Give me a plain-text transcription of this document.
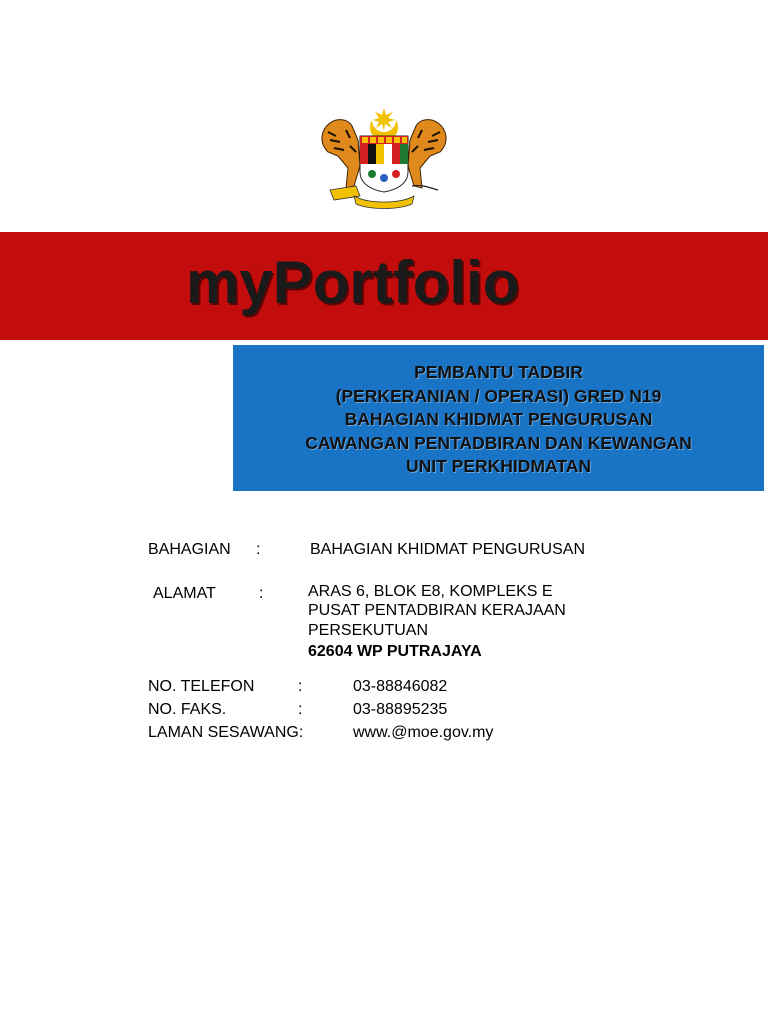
myPortfolio
PEMBANTU TADBIR
(PERKERANIAN / OPERASI) GRED N19
BAHAGIAN KHIDMAT PENGURUSAN
CAWANGAN PENTADBIRAN DAN KEWANGAN
UNIT PERKHIDMATAN
BAHAGIAN :	BAHAGIAN KHIDMAT PENGURUSAN
ALAMAT	:	ARAS 6, BLOK E8, KOMPLEKS E
PUSAT PENTADBIRAN KERAJAAN
PERSEKUTUAN
62604 WP PUTRAJAYA
NO. TELEFON	:	03-88846082
NO. FAKS.	:	03-88895235
LAMAN SESAWANG:	www.@moe.gov.my
